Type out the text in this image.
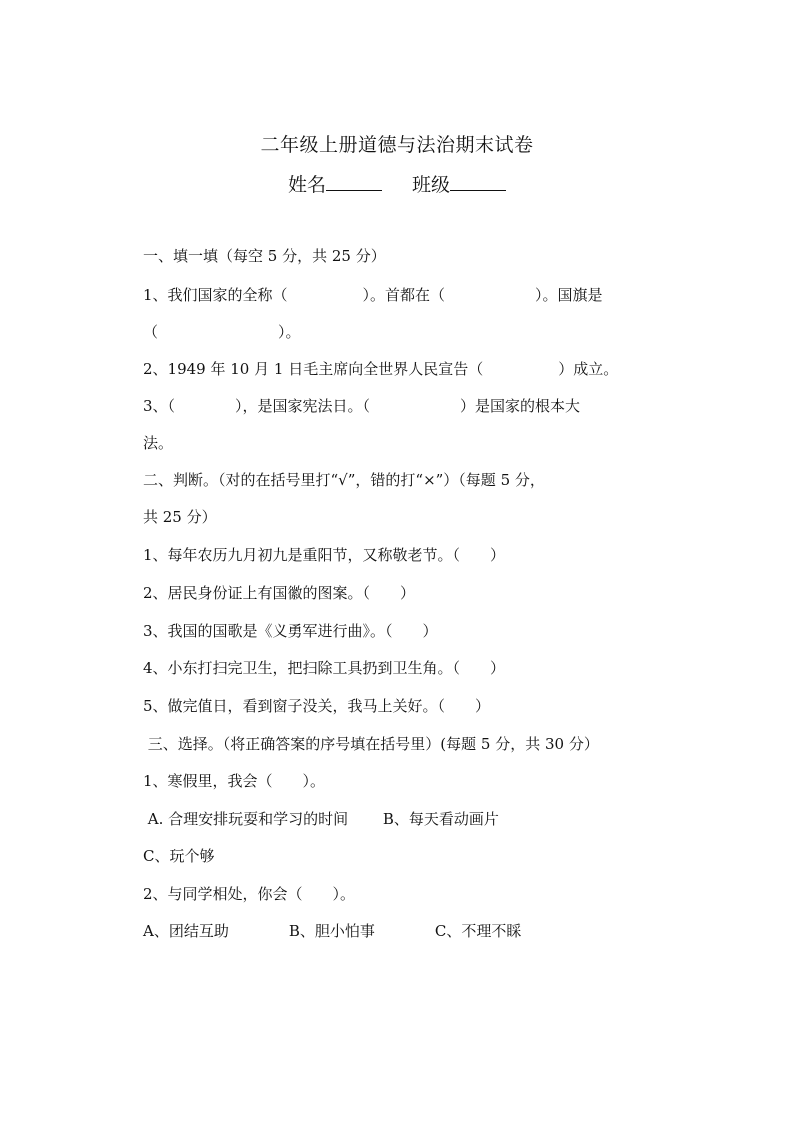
二年级上册道德与法治期末试卷
姓名	班级
一、填一填（每空 5 分，共 25 分）
1、我们国家的全称（　　　　　）。首都在（　　　　　　）。国旗是
（　　　　　　　　）。
2、1949 年 10 月 1 日毛主席向全世界人民宣告（　　　　　）成立。
3、（　　　　），是国家宪法日。（　　　　　　）是国家的根本大
法。
二、判断。（对的在括号里打“√”，错的打“×”）（每题 5 分，
共 25 分）
1、每年农历九月初九是重阳节，又称敬老节。（　　）
2、居民身份证上有国徽的图案。（　　）
3、我国的国歌是《义勇军进行曲》。（　　）
4、小东打扫完卫生，把扫除工具扔到卫生角。（　　）
5、做完值日，看到窗子没关，我马上关好。（　　）
三、选择。（将正确答案的序号填在括号里）(每题 5 分，共 30 分）
1、寒假里，我会（　　）。
A. 合理安排玩耍和学习的时间　　 B、每天看动画片
C、玩个够
2、与同学相处，你会（　　）。
A、团结互助　　　　B、胆小怕事　　　　C、不理不睬
